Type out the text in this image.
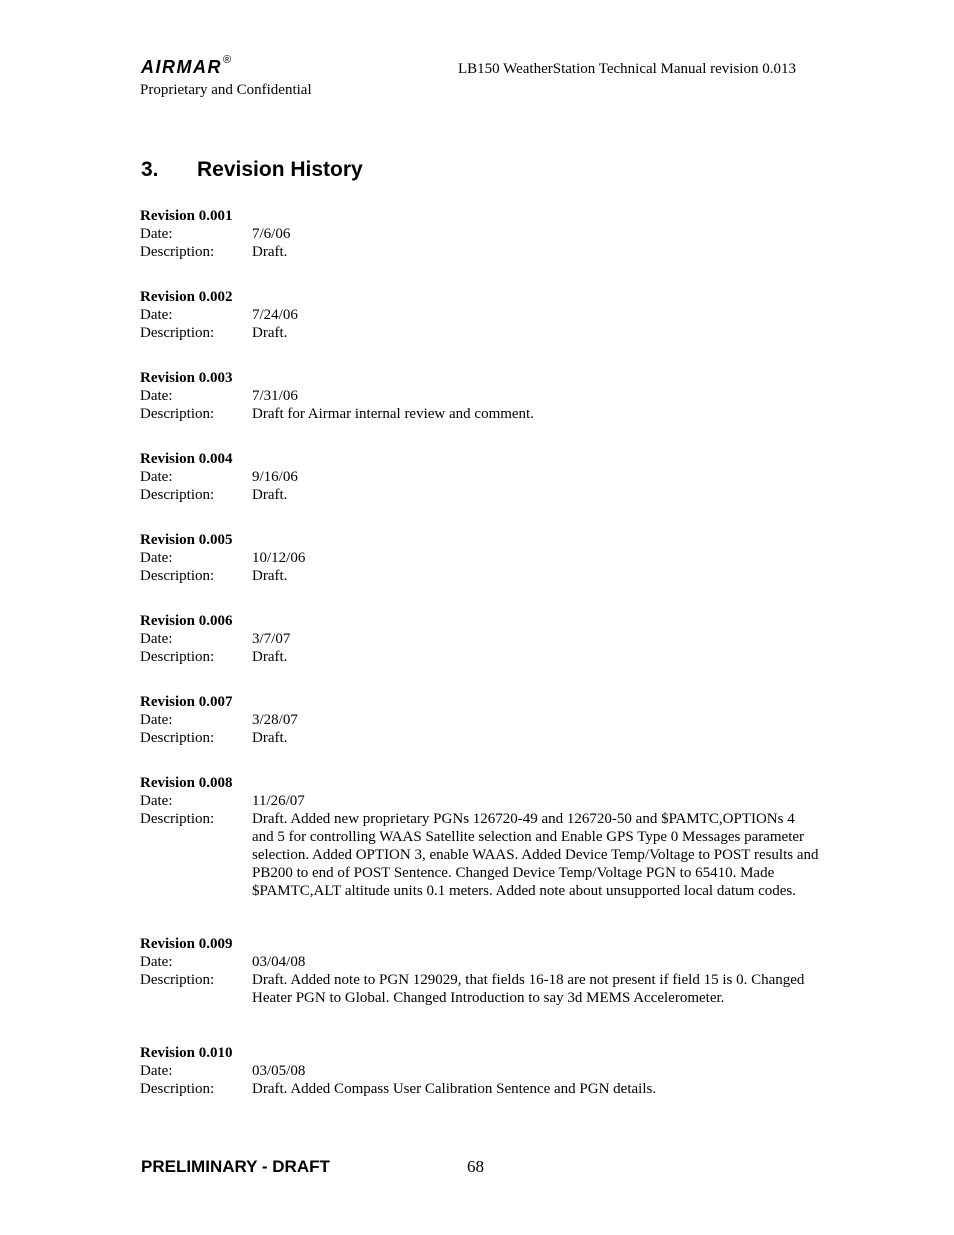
AIRMAR®
LB150 WeatherStation Technical Manual revision 0.013
Proprietary and Confidential
3. Revision History
Revision 0.001
Date:	7/6/06
Description:	Draft.
Revision 0.002
Date:	7/24/06
Description:	Draft.
Revision 0.003
Date:	7/31/06
Description:	Draft for Airmar internal review and comment.
Revision 0.004
Date:	9/16/06
Description:	Draft.
Revision 0.005
Date:	10/12/06
Description:	Draft.
Revision 0.006
Date:	3/7/07
Description:	Draft.
Revision 0.007
Date:	3/28/07
Description:	Draft.
Revision 0.008
Date:	11/26/07
Description:	Draft. Added new proprietary PGNs 126720-49 and 126720-50 and $PAMTC,OPTIONs 4 and 5 for controlling WAAS Satellite selection and Enable GPS Type 0 Messages parameter selection. Added OPTION 3, enable WAAS. Added Device Temp/Voltage to POST results and PB200 to end of POST Sentence. Changed Device Temp/Voltage PGN to 65410. Made $PAMTC,ALT altitude units 0.1 meters. Added note about unsupported local datum codes.
Revision 0.009
Date:	03/04/08
Description:	Draft. Added note to PGN 129029, that fields 16-18 are not present if field 15 is 0. Changed Heater PGN to Global. Changed Introduction to say 3d MEMS Accelerometer.
Revision 0.010
Date:	03/05/08
Description:	Draft. Added Compass User Calibration Sentence and PGN details.
PRELIMINARY - DRAFT	68
